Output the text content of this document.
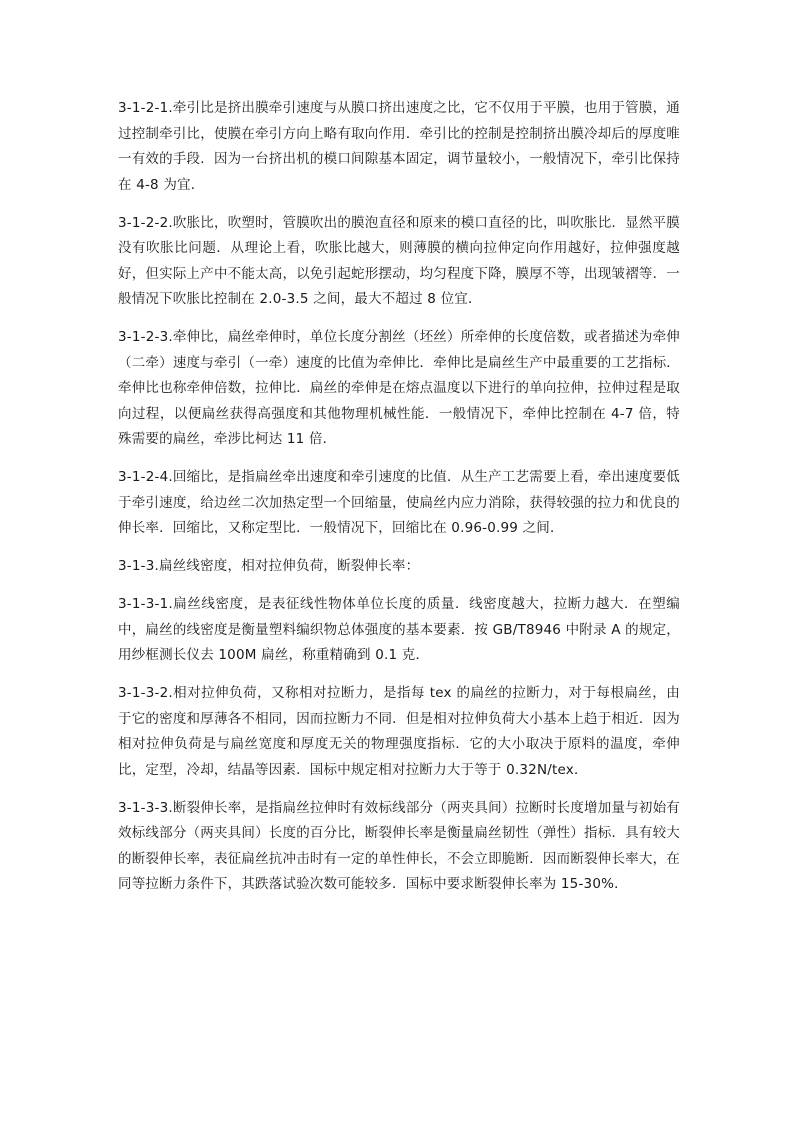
3-1-2-1.牵引比是挤出膜牵引速度与从膜口挤出速度之比，它不仅用于平膜，也用于管膜，通过控制牵引比，使膜在牵引方向上略有取向作用．牵引比的控制是控制挤出膜冷却后的厚度唯一有效的手段．因为一台挤出机的模口间隙基本固定，调节量较小，一般情况下，牵引比保持在 4-8 为宜．

3-1-2-2.吹胀比，吹塑时，管膜吹出的膜泡直径和原来的模口直径的比，叫吹胀比．显然平膜没有吹胀比问题．从理论上看，吹胀比越大，则薄膜的横向拉伸定向作用越好，拉伸强度越好，但实际上产中不能太高，以免引起蛇形摆动，均匀程度下降，膜厚不等，出现皱褶等．一般情况下吹胀比控制在 2.0-3.5 之间，最大不超过 8 位宜．

3-1-2-3.牵伸比，扁丝牵伸时，单位长度分割丝（坯丝）所牵伸的长度倍数，或者描述为牵伸（二牵）速度与牵引（一牵）速度的比值为牵伸比．牵伸比是扁丝生产中最重要的工艺指标．牵伸比也称牵伸倍数，拉伸比．扁丝的牵伸是在熔点温度以下进行的单向拉伸，拉伸过程是取向过程，以便扁丝获得高强度和其他物理机械性能．一般情况下，牵伸比控制在 4-7 倍，特殊需要的扁丝，牵涉比柯达 11 倍．

3-1-2-4.回缩比，是指扁丝牵出速度和牵引速度的比值．从生产工艺需要上看，牵出速度要低于牵引速度，给边丝二次加热定型一个回缩量，使扁丝内应力消除，获得较强的拉力和优良的伸长率．回缩比，又称定型比．一般情况下，回缩比在 0.96-0.99 之间．

3-1-3.扁丝线密度，相对拉伸负荷，断裂伸长率：

3-1-3-1.扁丝线密度，是表征线性物体单位长度的质量．线密度越大，拉断力越大．在塑编中，扁丝的线密度是衡量塑料编织物总体强度的基本要素．按 GB/T8946 中附录 A 的规定，用纱框测长仪去 100M 扁丝，称重精确到 0.1 克．

3-1-3-2.相对拉伸负荷，又称相对拉断力，是指每 tex 的扁丝的拉断力，对于每根扁丝，由于它的密度和厚薄各不相同，因而拉断力不同．但是相对拉伸负荷大小基本上趋于相近．因为相对拉伸负荷是与扁丝宽度和厚度无关的物理强度指标．它的大小取决于原料的温度，牵伸比，定型，冷却，结晶等因素．国标中规定相对拉断力大于等于 0.32N/tex．

3-1-3-3.断裂伸长率，是指扁丝拉伸时有效标线部分（两夹具间）拉断时长度增加量与初始有效标线部分（两夹具间）长度的百分比，断裂伸长率是衡量扁丝韧性（弹性）指标．具有较大的断裂伸长率，表征扁丝抗冲击时有一定的单性伸长，不会立即脆断．因而断裂伸长率大，在同等拉断力条件下，其跌落试验次数可能较多．国标中要求断裂伸长率为 15-30%．
